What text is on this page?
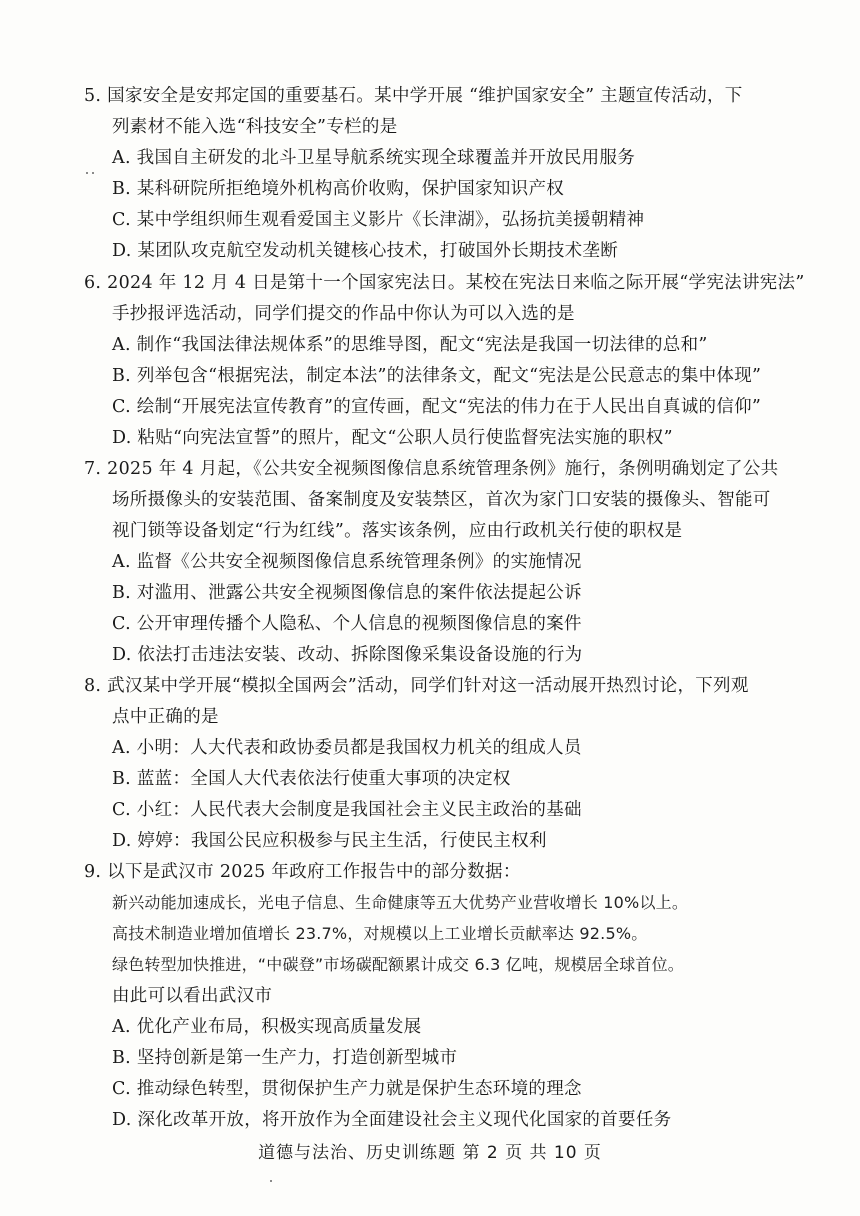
5. 国家安全是安邦定国的重要基石。某中学开展 “维护国家安全” 主题宣传活动，下
列素材不能入选“科技安全”专栏的是
A. 我国自主研发的北斗卫星导航系统实现全球覆盖并开放民用服务
B. 某科研院所拒绝境外机构高价收购，保护国家知识产权
C. 某中学组织师生观看爱国主义影片《长津湖》，弘扬抗美援朝精神
D. 某团队攻克航空发动机关键核心技术，打破国外长期技术垄断
6. 2024 年 12 月 4 日是第十一个国家宪法日。某校在宪法日来临之际开展“学宪法讲宪法”
手抄报评选活动，同学们提交的作品中你认为可以入选的是
A. 制作“我国法律法规体系”的思维导图，配文“宪法是我国一切法律的总和”
B. 列举包含“根据宪法，制定本法”的法律条文，配文“宪法是公民意志的集中体现”
C. 绘制“开展宪法宣传教育”的宣传画，配文“宪法的伟力在于人民出自真诚的信仰”
D. 粘贴“向宪法宣誓”的照片，配文“公职人员行使监督宪法实施的职权”
7. 2025 年 4 月起，《公共安全视频图像信息系统管理条例》施行，条例明确划定了公共
场所摄像头的安装范围、备案制度及安装禁区，首次为家门口安装的摄像头、智能可
视门锁等设备划定“行为红线”。落实该条例，应由行政机关行使的职权是
A. 监督《公共安全视频图像信息系统管理条例》的实施情况
B. 对滥用、泄露公共安全视频图像信息的案件依法提起公诉
C. 公开审理传播个人隐私、个人信息的视频图像信息的案件
D. 依法打击违法安装、改动、拆除图像采集设备设施的行为
8. 武汉某中学开展“模拟全国两会”活动，同学们针对这一活动展开热烈讨论，下列观
点中正确的是
A. 小明：人大代表和政协委员都是我国权力机关的组成人员
B. 蓝蓝：全国人大代表依法行使重大事项的决定权
C. 小红：人民代表大会制度是我国社会主义民主政治的基础
D. 婷婷：我国公民应积极参与民主生活，行使民主权利
9. 以下是武汉市 2025 年政府工作报告中的部分数据：
新兴动能加速成长，光电子信息、生命健康等五大优势产业营收增长 10%以上。
高技术制造业增加值增长 23.7%，对规模以上工业增长贡献率达 92.5%。
绿色转型加快推进，“中碳登”市场碳配额累计成交 6.3 亿吨，规模居全球首位。
由此可以看出武汉市
A. 优化产业布局，积极实现高质量发展
B. 坚持创新是第一生产力，打造创新型城市
C. 推动绿色转型，贯彻保护生产力就是保护生态环境的理念
D. 深化改革开放，将开放作为全面建设社会主义现代化国家的首要任务
道德与法治、历史训练题 第 2 页 共 10 页
